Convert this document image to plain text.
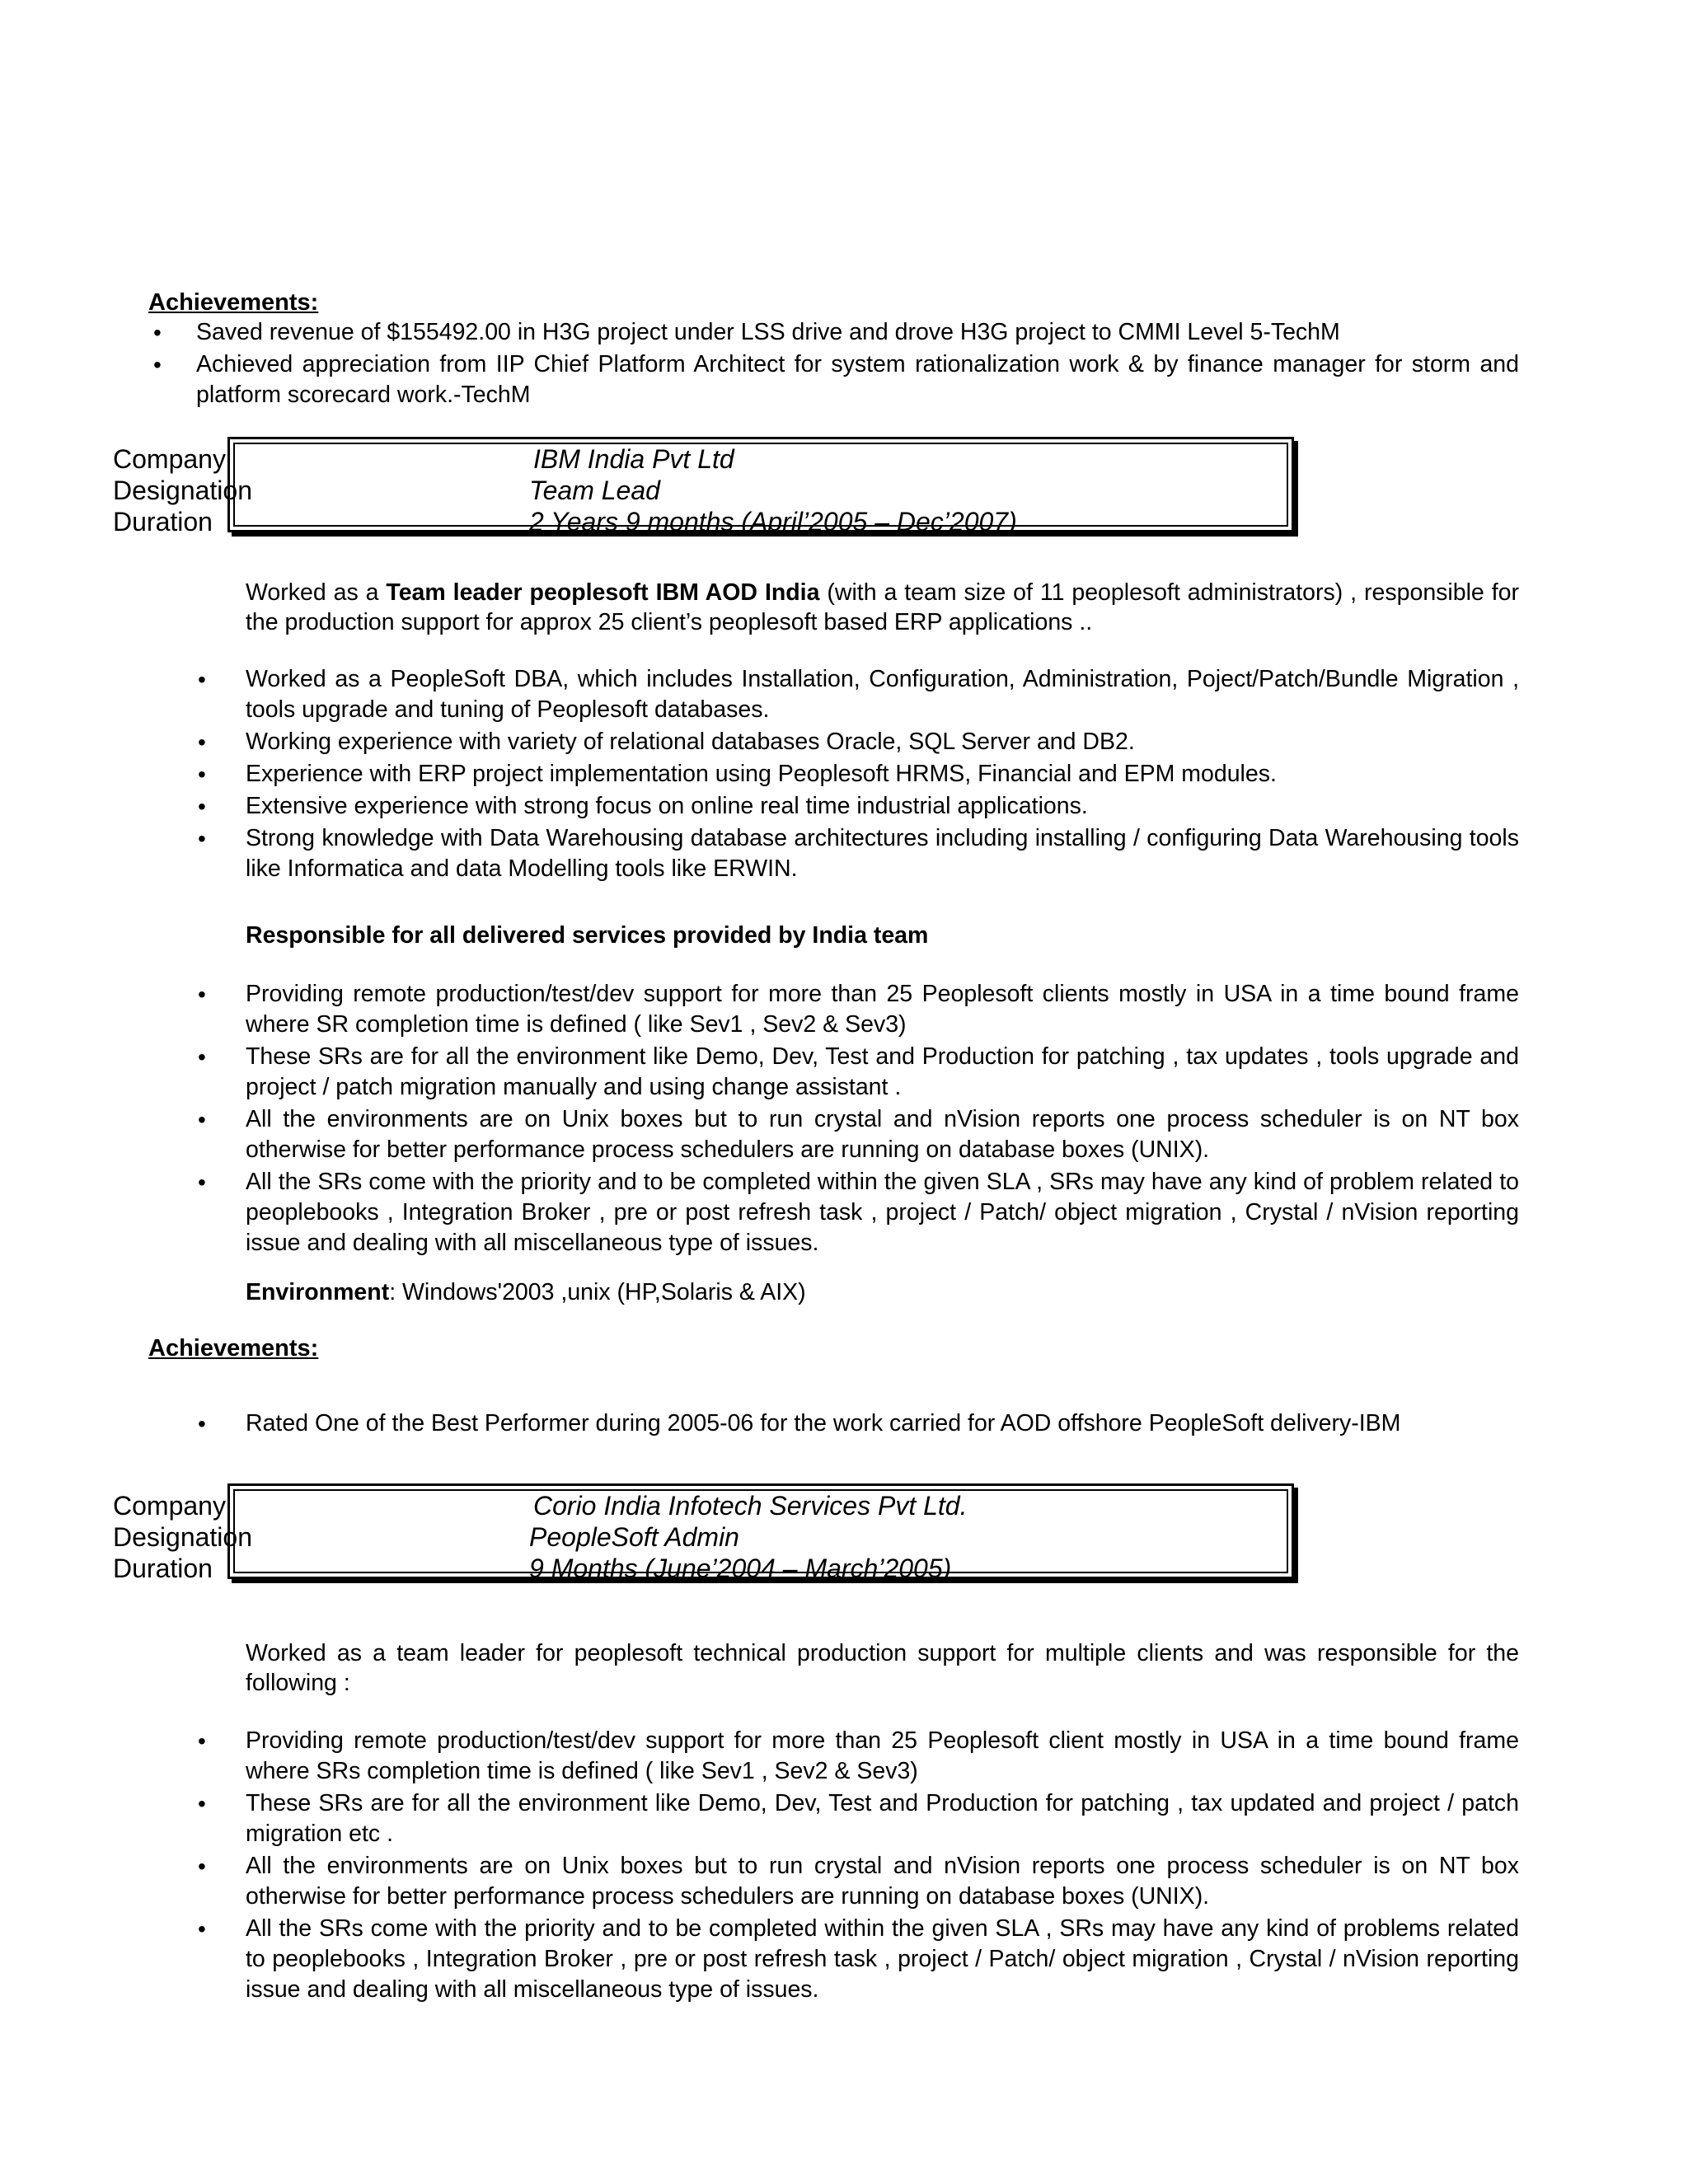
Achievements:
• Saved revenue of $155492.00 in H3G project under LSS drive and drove H3G project to CMMI Level 5-TechM
• Achieved appreciation from IIP Chief Platform Architect for system rationalization work & by finance manager for storm and platform scorecard work.-TechM
Company	IBM India Pvt Ltd
Designation	Team Lead
Duration	2 Years 9 months (April’2005 – Dec’2007)

Worked as a Team leader peoplesoft IBM AOD India (with a team size of 11 peoplesoft administrators) , responsible for the production support for approx 25 client’s peoplesoft based ERP applications ..

• Worked as a PeopleSoft DBA, which includes Installation, Configuration, Administration, Poject/Patch/Bundle Migration , tools upgrade and tuning of Peoplesoft databases.
• Working experience with variety of relational databases Oracle, SQL Server and DB2.
• Experience with ERP project implementation using Peoplesoft HRMS, Financial and EPM modules.
• Extensive experience with strong focus on online real time industrial applications.
• Strong knowledge with Data Warehousing database architectures including installing / configuring Data Warehousing tools like Informatica and data Modelling tools like ERWIN.

Responsible for all delivered services provided by India team

• Providing remote production/test/dev support for more than 25 Peoplesoft clients mostly in USA in a time bound frame where SR completion time is defined ( like Sev1 , Sev2 & Sev3)
• These SRs are for all the environment like Demo, Dev, Test and Production for patching , tax updates , tools upgrade and project / patch migration manually and using change assistant .
• All the environments are on Unix boxes but to run crystal and nVision reports one process scheduler is on NT box otherwise for better performance process schedulers are running on database boxes (UNIX).
• All the SRs come with the priority and to be completed within the given SLA , SRs may have any kind of problem related to peoplebooks , Integration Broker , pre or post refresh task , project / Patch/ object migration , Crystal / nVision reporting issue and dealing with all miscellaneous type of issues.

Environment: Windows'2003 ,unix (HP,Solaris & AIX)

Achievements:
• Rated One of the Best Performer during 2005-06 for the work carried for AOD offshore PeopleSoft delivery-IBM
Company	Corio India Infotech Services Pvt Ltd.
Designation	PeopleSoft Admin
Duration	9 Months (June’2004 – March’2005)

Worked as a team leader for peoplesoft technical production support for multiple clients and was responsible for the following :

• Providing remote production/test/dev support for more than 25 Peoplesoft client mostly in USA in a time bound frame where SRs completion time is defined ( like Sev1 , Sev2 & Sev3)
• These SRs are for all the environment like Demo, Dev, Test and Production for patching , tax updated and project / patch migration etc .
• All the environments are on Unix boxes but to run crystal and nVision reports one process scheduler is on NT box otherwise for better performance process schedulers are running on database boxes (UNIX).
• All the SRs come with the priority and to be completed within the given SLA , SRs may have any kind of problems related to peoplebooks , Integration Broker , pre or post refresh task , project / Patch/ object migration , Crystal / nVision reporting issue and dealing with all miscellaneous type of issues.
